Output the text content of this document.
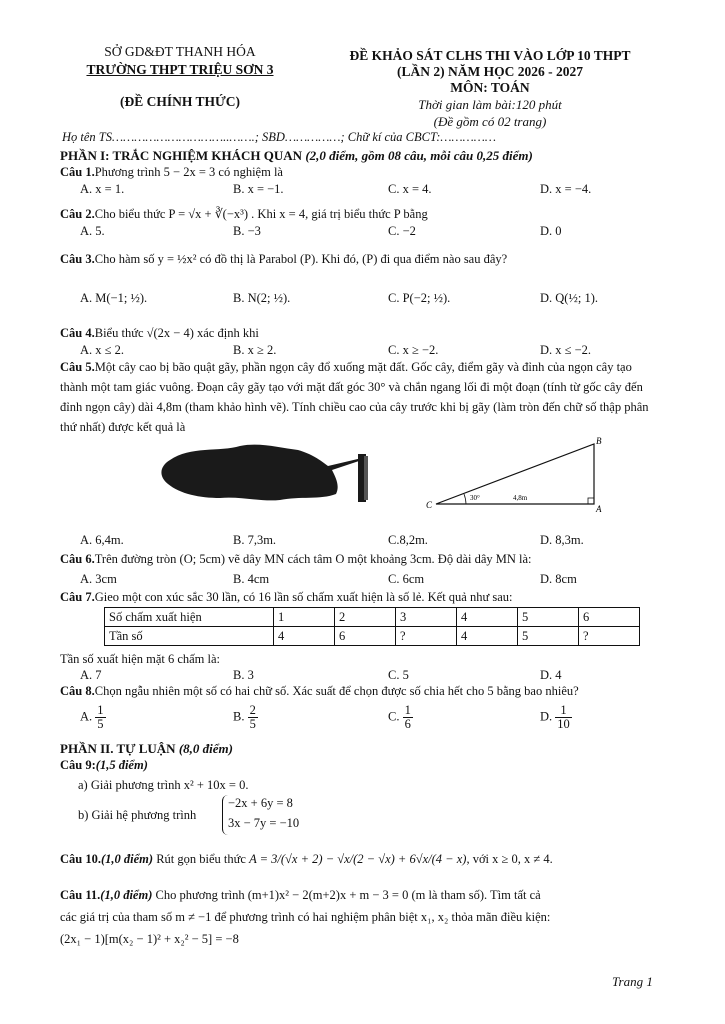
SỞ GD&ĐT THANH HÓA
TRƯỜNG THPT TRIỆU SƠN 3
(ĐỀ CHÍNH THỨC)
ĐỀ KHẢO SÁT CLHS THI VÀO LỚP 10 THPT
(LẦN 2) NĂM HỌC 2026 - 2027
MÔN: TOÁN
Thời gian làm bài:120 phút
(Đề gồm có 02 trang)
Họ tên TS…………………………..…….; SBD……………; Chữ kí của CBCT:……………
PHẦN I: TRẮC NGHIỆM KHÁCH QUAN (2,0 điểm, gồm 08 câu, mỗi câu 0,25 điểm)
Câu 1.Phương trình 5 − 2x = 3 có nghiệm là
A. x = 1.	B. x = −1.	C. x = 4.	D. x = −4.
Câu 2.Cho biểu thức P = √x + ∛(−x³) . Khi x = 4, giá trị biểu thức P bằng
A. 5.	B. −3	C. −2	D. 0
Câu 3.Cho hàm số y = ½x² có đồ thị là Parabol (P). Khi đó, (P) đi qua điểm nào sau đây?
A. M(−1; ½).	B. N(2; ½).	C. P(−2; ½).	D. Q(½; 1).
Câu 4.Biểu thức √(2x − 4) xác định khi
A. x ≤ 2.	B. x ≥ 2.	C. x ≥ −2.	D. x ≤ −2.
Câu 5.Một cây cao bị bão quật gãy, phần ngọn cây đổ xuống mặt đất. Gốc cây, điểm gãy và đỉnh của ngọn cây tạo thành một tam giác vuông. Đoạn cây gãy tạo với mặt đất góc 30° và chắn ngang lối đi một đoạn (tính từ gốc cây đến đỉnh ngọn cây) dài 4,8m (tham khảo hình vẽ). Tính chiều cao của cây trước khi bị gãy (làm tròn đến chữ số thập phân thứ nhất) được kết quả là
C	A
B
30°	4,8m
A. 6,4m.	B. 7,3m.	C.8,2m.	D. 8,3m.
Câu 6.Trên đường tròn (O; 5cm) vẽ dây MN cách tâm O một khoảng 3cm. Độ dài dây MN là:
A. 3cm	B. 4cm	C. 6cm	D. 8cm
Câu 7.Gieo một con xúc sắc 30 lần, có 16 lần số chấm xuất hiện là số lẻ. Kết quả như sau:
Số chấm xuất hiện	1	2	3	4	5	6
Tần số	4	6	?	4	5	?
Tần số xuất hiện mặt 6 chấm là:
A. 7	B. 3	C. 5	D. 4
Câu 8.Chọn ngẫu nhiên một số có hai chữ số. Xác suất để chọn được số chia hết cho 5 bằng bao nhiêu?
A. $\frac{1}{5}$	B. $\frac{2}{5}$	C. $\frac{1}{6}$	D. $\frac{1}{10}$
PHẦN II. TỰ LUẬN (8,0 điểm)
Câu 9:(1,5 điểm)
a) Giải phương trình x² + 10x = 0.
b) Giải hệ phương trình
−2x + 6y = 8
3x − 7y = −10
Câu 10.(1,0 điểm) Rút gọn biểu thức A = 3/(√x + 2) − √x/(2 − √x) + 6√x/(4 − x), với x ≥ 0, x ≠ 4.
Câu 11.(1,0 điểm) Cho phương trình (m+1)x² − 2(m+2)x + m − 3 = 0 (m là tham số). Tìm tất cả
các giá trị của tham số m ≠ −1 để phương trình có hai nghiệm phân biệt x₁, x₂ thỏa mãn điều kiện:
(2x₁ − 1)[m(x₂ − 1)² + x₂² − 5] = −8
Trang 1
